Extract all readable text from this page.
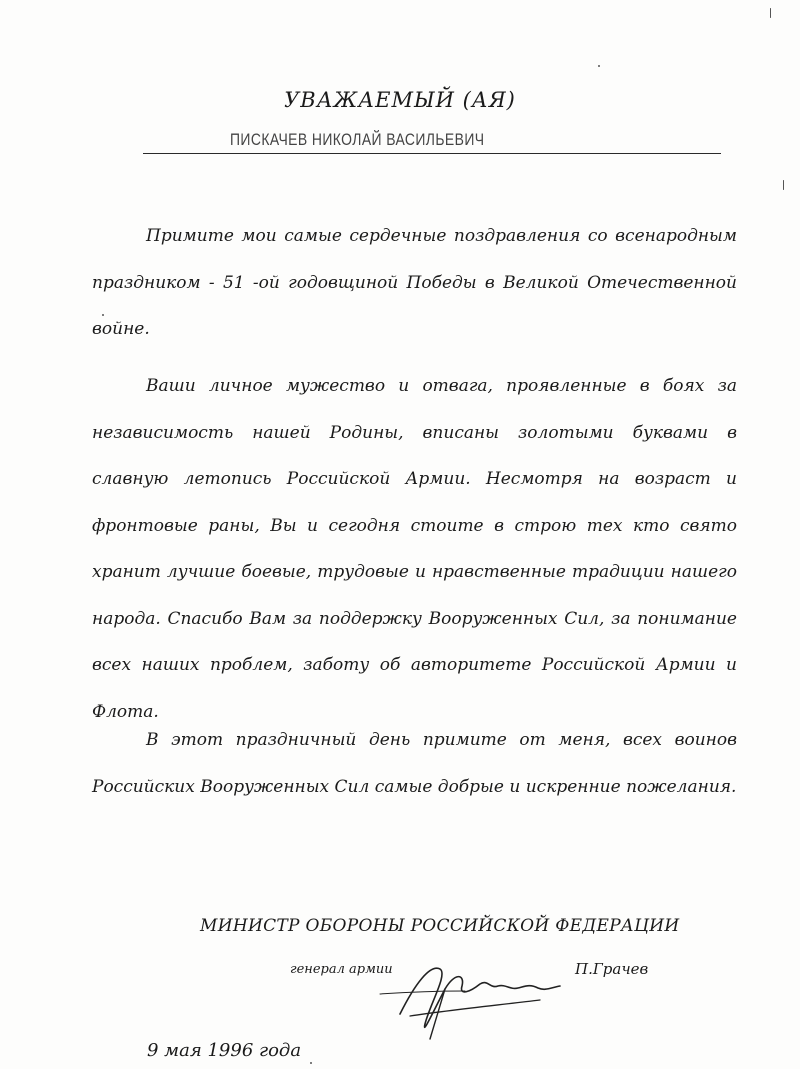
УВАЖАЕМЫЙ (АЯ)
ПИСКАЧЕВ НИКОЛАЙ ВАСИЛЬЕВИЧ

Примите мои самые сердечные поздравления со всенародным праздником - 51 -ой годовщиной Победы в Великой Отечественной войне.

Ваши личное мужество и отвага, проявленные в боях за независимость нашей Родины, вписаны золотыми буквами в славную летопись Российской Армии. Несмотря на возраст и фронтовые раны, Вы и сегодня стоите в строю тех кто свято хранит лучшие боевые, трудовые и нравственные традиции нашего народа. Спасибо Вам за поддержку Вооруженных Сил, за понимание всех наших проблем, заботу об авторитете Российской Армии и Флота.

В этот праздничный день примите от меня, всех воинов Российских Вооруженных Сил самые добрые и искренние пожелания.

МИНИСТР ОБОРОНЫ РОССИЙСКОЙ ФЕДЕРАЦИИ
генерал армии	П.Грачев
9 мая 1996 года
